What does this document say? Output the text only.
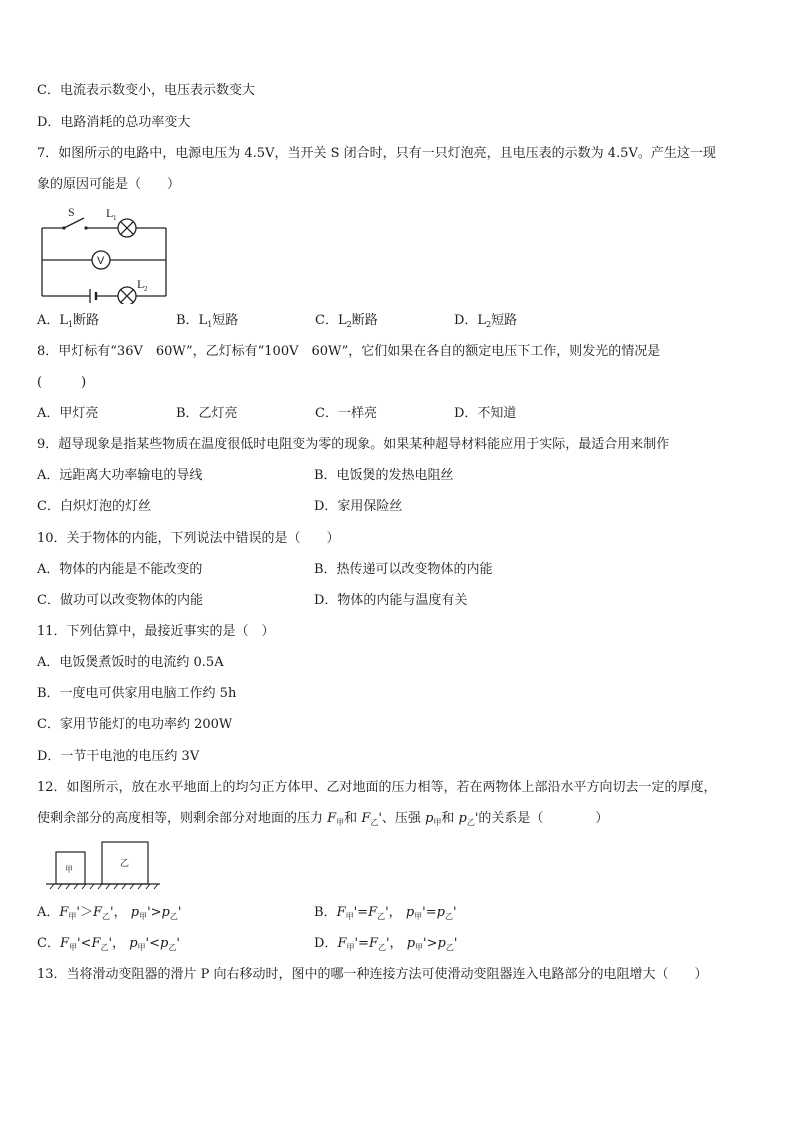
C．电流表示数变小，电压表示数变大
D．电路消耗的总功率变大
7．如图所示的电路中，电源电压为 4.5V，当开关 S 闭合时，只有一只灯泡亮，且电压表的示数为 4.5V。产生这一现
象的原因可能是（　　）
S	L 1
V
L 2
A．$L_1$断路	B．$L_1$短路	C．$L_2$断路	D．$L_2$短路
8．甲灯标有“36V　60W”，乙灯标有“100V　60W”，它们如果在各自的额定电压下工作，则发光的情况是
(　　　)
A．甲灯亮	B．乙灯亮	C．一样亮	D．不知道
9．超导现象是指某些物质在温度很低时电阻变为零的现象。如果某种超导材料能应用于实际，最适合用来制作
A．远距离大功率输电的导线	B．电饭煲的发热电阻丝
C．白炽灯泡的灯丝	D．家用保险丝
10．关于物体的内能，下列说法中错误的是（　　）
A．物体的内能是不能改变的	B．热传递可以改变物体的内能
C．做功可以改变物体的内能	D．物体的内能与温度有关
11．下列估算中，最接近事实的是（　）
A．电饭煲煮饭时的电流约 0.5A
B．一度电可供家用电脑工作约 5h
C．家用节能灯的电功率约 200W
D．一节干电池的电压约 3V
12．如图所示，放在水平地面上的均匀正方体甲、乙对地面的压力相等，若在两物体上部沿水平方向切去一定的厚度，
使剩余部分的高度相等，则剩余部分对地面的压力 $F_甲$和 $F_乙'$、压强 $p_甲$和 $p_乙'$的关系是（　　　　）
甲
乙
A．$F_甲'>F_乙'$， $p_甲'>p_乙'$	B．$F_甲'=F_乙'$， $p_甲'=p_乙'$
C．$F_甲'<F_乙'$， $p_甲'<p_乙'$	D．$F_甲'=F_乙'$， $p_甲'>p_乙'$
13．当将滑动变阻器的滑片 P 向右移动时，图中的哪一种连接方法可使滑动变阻器连入电路部分的电阻增大（　　）
